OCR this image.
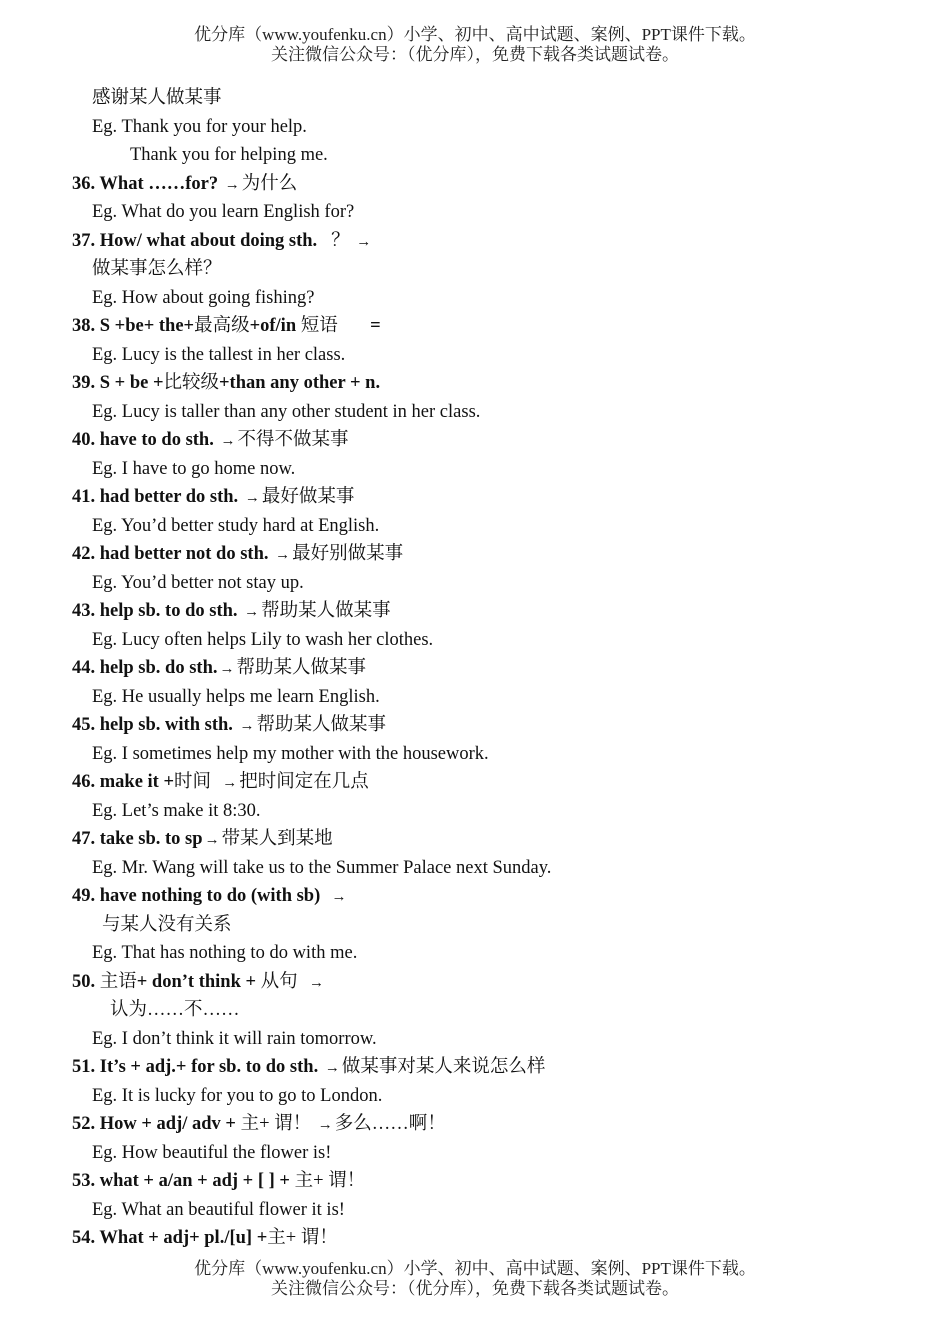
优分库（www.youfenku.cn）小学、初中、高中试题、案例、PPT课件下载。
关注微信公众号：（优分库），免费下载各类试题试卷。
感谢某人做某事
Eg. Thank you for your help.
Thank you for helping me.
36. What ……for? → 为什么
Eg. What do you learn English for?
37. How/ what about doing sth. ？ →
做某事怎么样？
Eg. How about going fishing?
38. S +be+ the+最高级+of/in 短语 =
Eg. Lucy is the tallest in her class.
39. S + be +比较级+than any other + n.
Eg. Lucy is taller than any other student in her class.
40. have to do sth. → 不得不做某事
Eg. I have to go home now.
41. had better do sth. → 最好做某事
Eg. You’d better study hard at English.
42. had better not do sth. → 最好别做某事
Eg. You’d better not stay up.
43. help sb. to do sth. → 帮助某人做某事
Eg. Lucy often helps Lily to wash her clothes.
44. help sb. do sth. → 帮助某人做某事
Eg. He usually helps me learn English.
45. help sb. with sth. → 帮助某人做某事
Eg. I sometimes help my mother with the housework.
46. make it +时间 → 把时间定在几点
Eg. Let’s make it 8:30.
47. take sb. to sp → 带某人到某地
Eg. Mr. Wang will take us to the Summer Palace next Sunday.
49. have nothing to do (with sb) →
与某人没有关系
Eg. That has nothing to do with me.
50. 主语+ don’t think + 从句 →
认为……不……
Eg. I don’t think it will rain tomorrow.
51. It’s + adj.+ for sb. to do sth. → 做某事对某人来说怎么样
Eg. It is lucky for you to go to London.
52. How + adj/ adv + 主+ 谓！ → 多么……啊！
Eg. How beautiful the flower is!
53. what + a/an + adj + [ ] + 主+ 谓！
Eg. What an beautiful flower it is!
54. What + adj+ pl./[u] +主+ 谓！
优分库（www.youfenku.cn）小学、初中、高中试题、案例、PPT课件下载。
关注微信公众号：（优分库），免费下载各类试题试卷。
